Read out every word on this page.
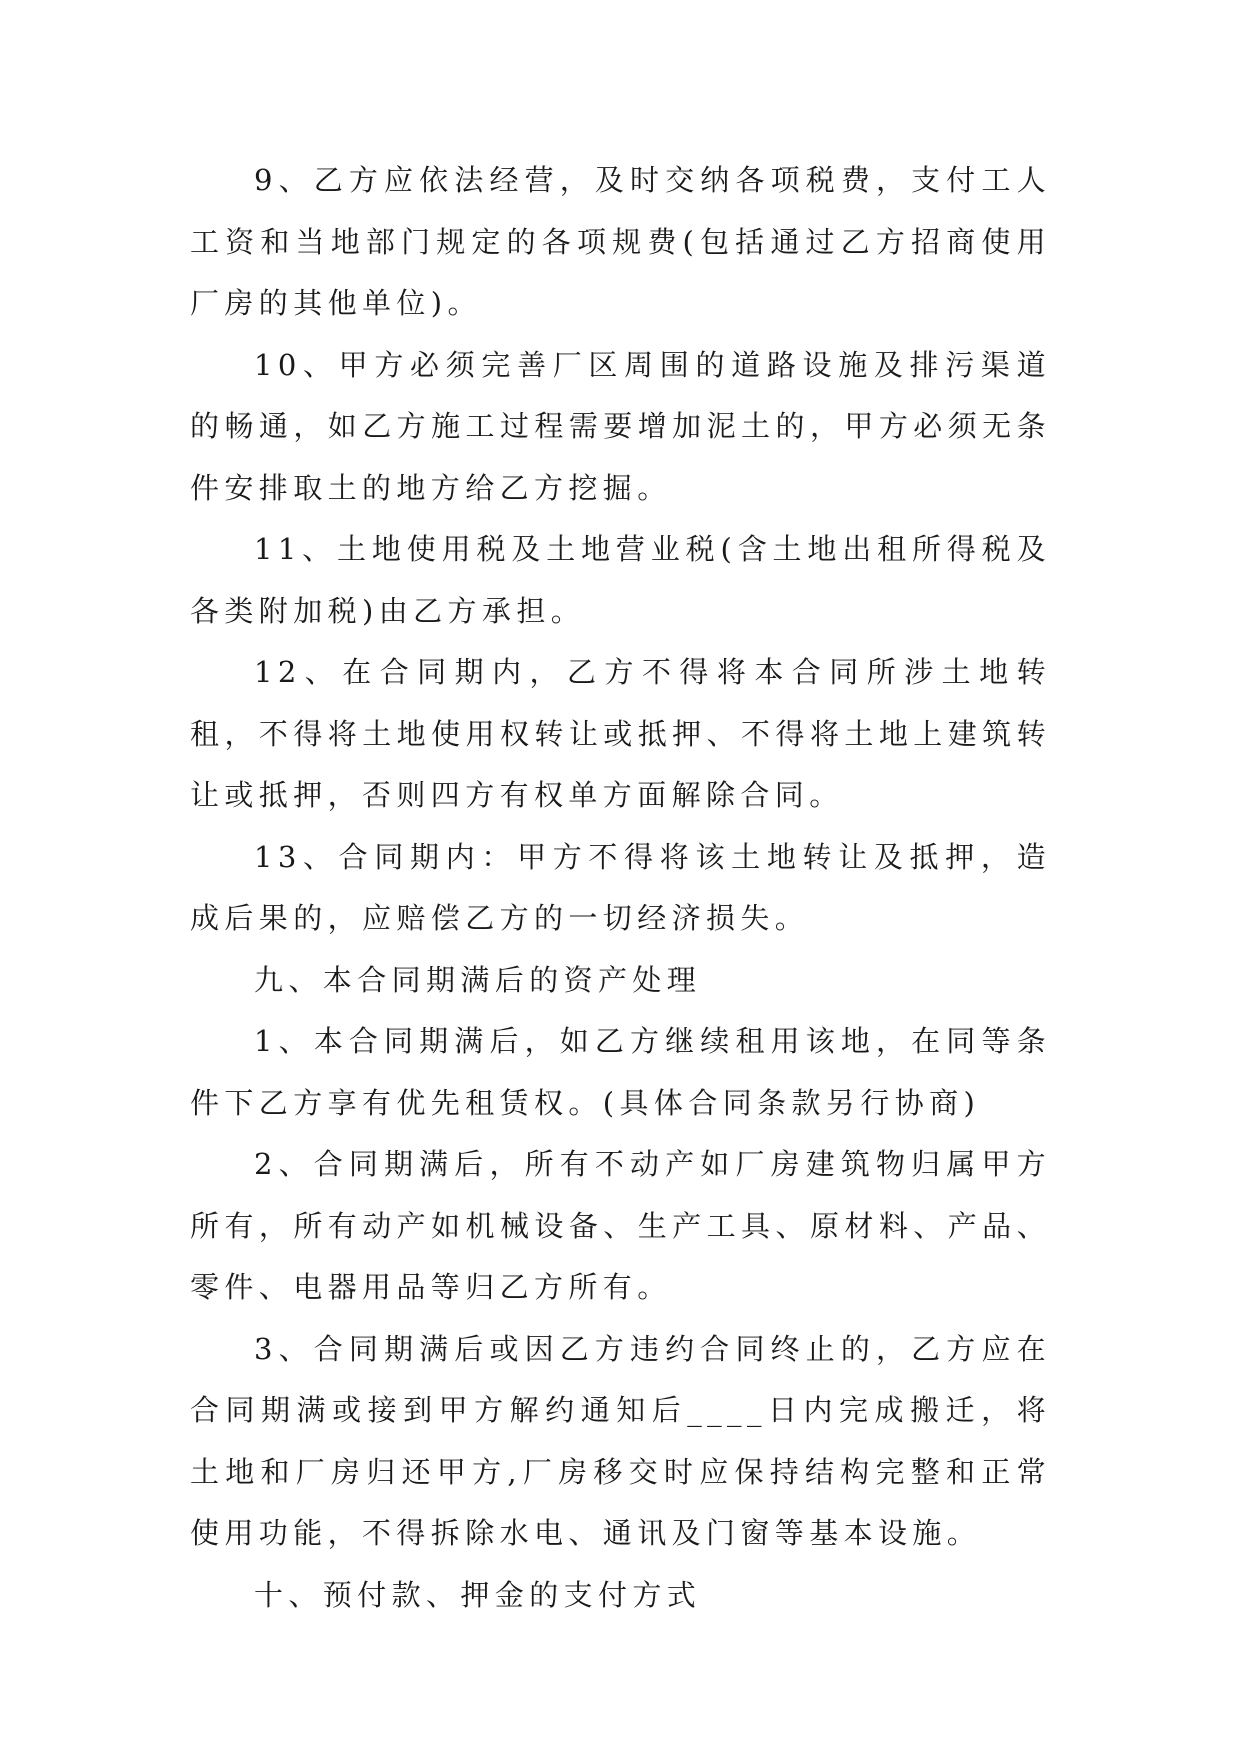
9、乙方应依法经营，及时交纳各项税费，支付工人工资和当地部门规定的各项规费(包括通过乙方招商使用厂房的其他单位)。

10、甲方必须完善厂区周围的道路设施及排污渠道的畅通，如乙方施工过程需要增加泥土的，甲方必须无条件安排取土的地方给乙方挖掘。

11、土地使用税及土地营业税(含土地出租所得税及各类附加税)由乙方承担。

12、在合同期内，乙方不得将本合同所涉土地转租，不得将土地使用权转让或抵押、不得将土地上建筑转让或抵押，否则四方有权单方面解除合同。

13、合同期内：甲方不得将该土地转让及抵押，造成后果的，应赔偿乙方的一切经济损失。

九、本合同期满后的资产处理

1、本合同期满后，如乙方继续租用该地，在同等条件下乙方享有优先租赁权。(具体合同条款另行协商)

2、合同期满后，所有不动产如厂房建筑物归属甲方所有，所有动产如机械设备、生产工具、原材料、产品、零件、电器用品等归乙方所有。

3、合同期满后或因乙方违约合同终止的，乙方应在合同期满或接到甲方解约通知后____日内完成搬迁，将土地和厂房归还甲方,厂房移交时应保持结构完整和正常使用功能，不得拆除水电、通讯及门窗等基本设施。

十、预付款、押金的支付方式
